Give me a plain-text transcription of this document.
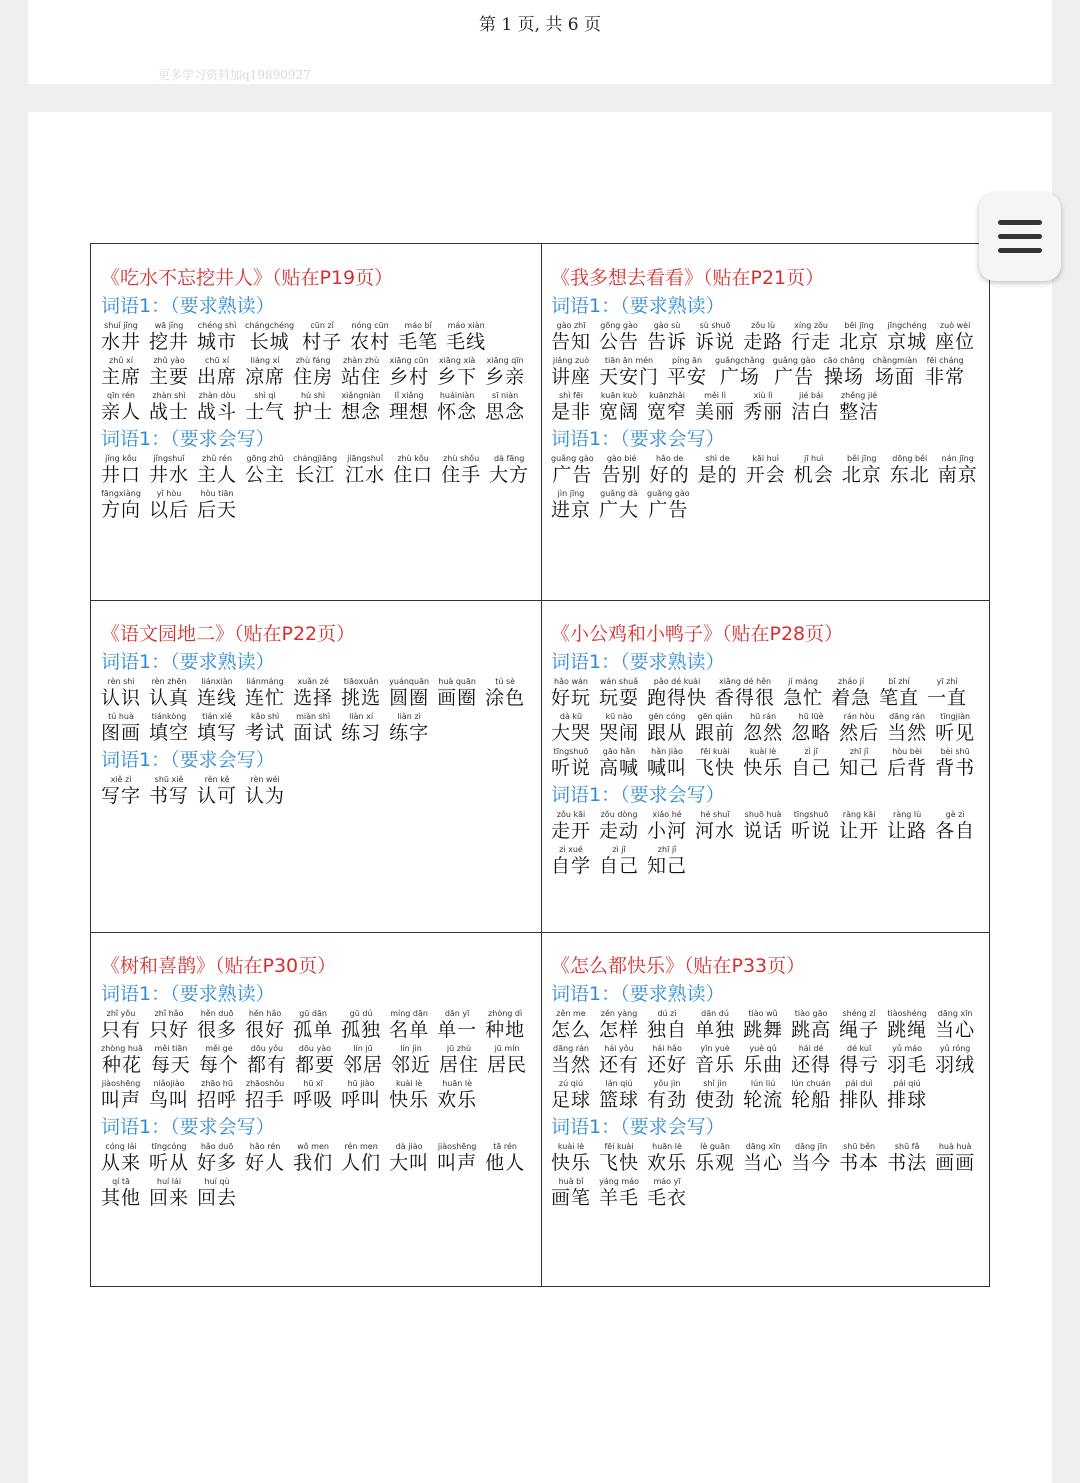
第 1 页, 共 6 页
更多学习资料加q19890927
《吃水不忘挖井人》（贴在P19页）
词语1：（要求熟读）
shuǐ jǐng
水井
wā jǐng
挖井
chéng shì
城市
chángchéng
长城
cūn zǐ
村子
nóng cūn
农村
máo bǐ
毛笔
máo xiàn
毛线
zhǔ xí
主席
zhǔ yào
主要
chū xí
出席
liáng xí
凉席
zhù fáng
住房
zhàn zhù
站住
xiāng cūn
乡村
xiāng xià
乡下
xiāng qīn
乡亲
qīn rén
亲人
zhàn shì
战士
zhàn dòu
战斗
shì qì
士气
hù shì
护士
xiǎngniàn
想念
lǐ xiǎng
理想
huáiniàn
怀念
sī niàn
思念
词语1：（要求会写）
jǐng kǒu
井口
jǐngshuǐ
井水
zhǔ rén
主人
gōng zhǔ
公主
chángjiāng
长江
jiāngshuǐ
江水
zhù kǒu
住口
zhù shǒu
住手
dà fāng
大方
fāngxiàng
方向
yǐ hòu
以后
hòu tiān
后天
《我多想去看看》（贴在P21页）
词语1：（要求熟读）
gào zhī
告知
gōng gào
公告
gào sù
告诉
sù shuō
诉说
zǒu lù
走路
xíng zǒu
行走
běi jīng
北京
jīngchéng
京城
zuò wèi
座位
jiǎng zuò
讲座
tiān ān mén
天安门
píng ān
平安
guǎngchǎng
广场
guǎng gào
广告
cāo chǎng
操场
chǎngmiàn
场面
fēi cháng
非常
shì fēi
是非
kuān kuò
宽阔
kuānzhǎi
宽窄
měi lì
美丽
xiù lì
秀丽
jié bái
洁白
zhěng jié
整洁
词语1：（要求会写）
guǎng gào
广告
gào bié
告别
hǎo de
好的
shì de
是的
kāi huì
开会
jī huì
机会
běi jīng
北京
dōng běi
东北
nán jīng
南京
jìn jīng
进京
guǎng dà
广大
guǎng gào
广告
《语文园地二》（贴在P22页）
词语1：（要求熟读）
rèn shi
认识
rèn zhēn
认真
liánxiàn
连线
liánmáng
连忙
xuǎn zé
选择
tiāoxuǎn
挑选
yuánquān
圆圈
huà quān
画圈
tú sè
涂色
tú huà
图画
tiánkòng
填空
tián xiě
填写
kǎo shì
考试
miàn shì
面试
liàn xí
练习
liàn zì
练字
词语1：（要求会写）
xiě zì
写字
shū xiě
书写
rèn kě
认可
rèn wéi
认为
《小公鸡和小鸭子》（贴在P28页）
词语1：（要求熟读）
hǎo wán
好玩
wán shuǎ
玩耍
pǎo dé kuài
跑得快
xiāng dé hěn
香得很
jí máng
急忙
zháo jí
着急
bǐ zhí
笔直
yī zhí
一直
dà kū
大哭
kū nào
哭闹
gēn cóng
跟从
gēn qián
跟前
hū rán
忽然
hū lüè
忽略
rán hòu
然后
dāng rán
当然
tīngjiàn
听见
tīngshuō
听说
gāo hǎn
高喊
hǎn jiào
喊叫
fēi kuài
飞快
kuài lè
快乐
zì jǐ
自己
zhī jǐ
知己
hòu bèi
后背
bèi shū
背书
词语1：（要求会写）
zǒu kāi
走开
zǒu dòng
走动
xiǎo hé
小河
hé shuǐ
河水
shuō huà
说话
tīngshuō
听说
ràng kāi
让开
ràng lù
让路
gè zì
各自
zì xué
自学
zì jǐ
自己
zhī jǐ
知己
《树和喜鹊》（贴在P30页）
词语1：（要求熟读）
zhǐ yǒu
只有
zhǐ hǎo
只好
hěn duō
很多
hěn hǎo
很好
gū dān
孤单
gū dú
孤独
míng dān
名单
dān yī
单一
zhòng dì
种地
zhòng huā
种花
měi tiān
每天
měi ge
每个
dōu yǒu
都有
dōu yào
都要
lín jū
邻居
lín jìn
邻近
jū zhù
居住
jū mín
居民
jiàoshēng
叫声
niǎojiào
鸟叫
zhāo hū
招呼
zhāoshǒu
招手
hū xī
呼吸
hū jiào
呼叫
kuài lè
快乐
huān lè
欢乐
词语1：（要求会写）
cóng lái
从来
tīngcóng
听从
hǎo duō
好多
hǎo rén
好人
wǒ men
我们
rén men
人们
dà jiào
大叫
jiàoshēng
叫声
tā rén
他人
qí tā
其他
huí lái
回来
huí qù
回去
《怎么都快乐》（贴在P33页）
词语1：（要求熟读）
zěn me
怎么
zěn yàng
怎样
dú zì
独自
dān dú
单独
tiào wǔ
跳舞
tiào gāo
跳高
shéng zǐ
绳子
tiàoshéng
跳绳
dāng xīn
当心
dāng rán
当然
hái yǒu
还有
hái hǎo
还好
yīn yuè
音乐
yuè qǔ
乐曲
hái dé
还得
dé kuī
得亏
yǔ máo
羽毛
yǔ róng
羽绒
zú qiú
足球
lán qiú
篮球
yǒu jìn
有劲
shǐ jìn
使劲
lún liú
轮流
lún chuán
轮船
pái duì
排队
pái qiú
排球
词语1：（要求会写）
kuài lè
快乐
fēi kuài
飞快
huān lè
欢乐
lè guān
乐观
dāng xīn
当心
dāng jīn
当今
shū běn
书本
shū fǎ
书法
huà huà
画画
huà bǐ
画笔
yáng máo
羊毛
máo yī
毛衣
